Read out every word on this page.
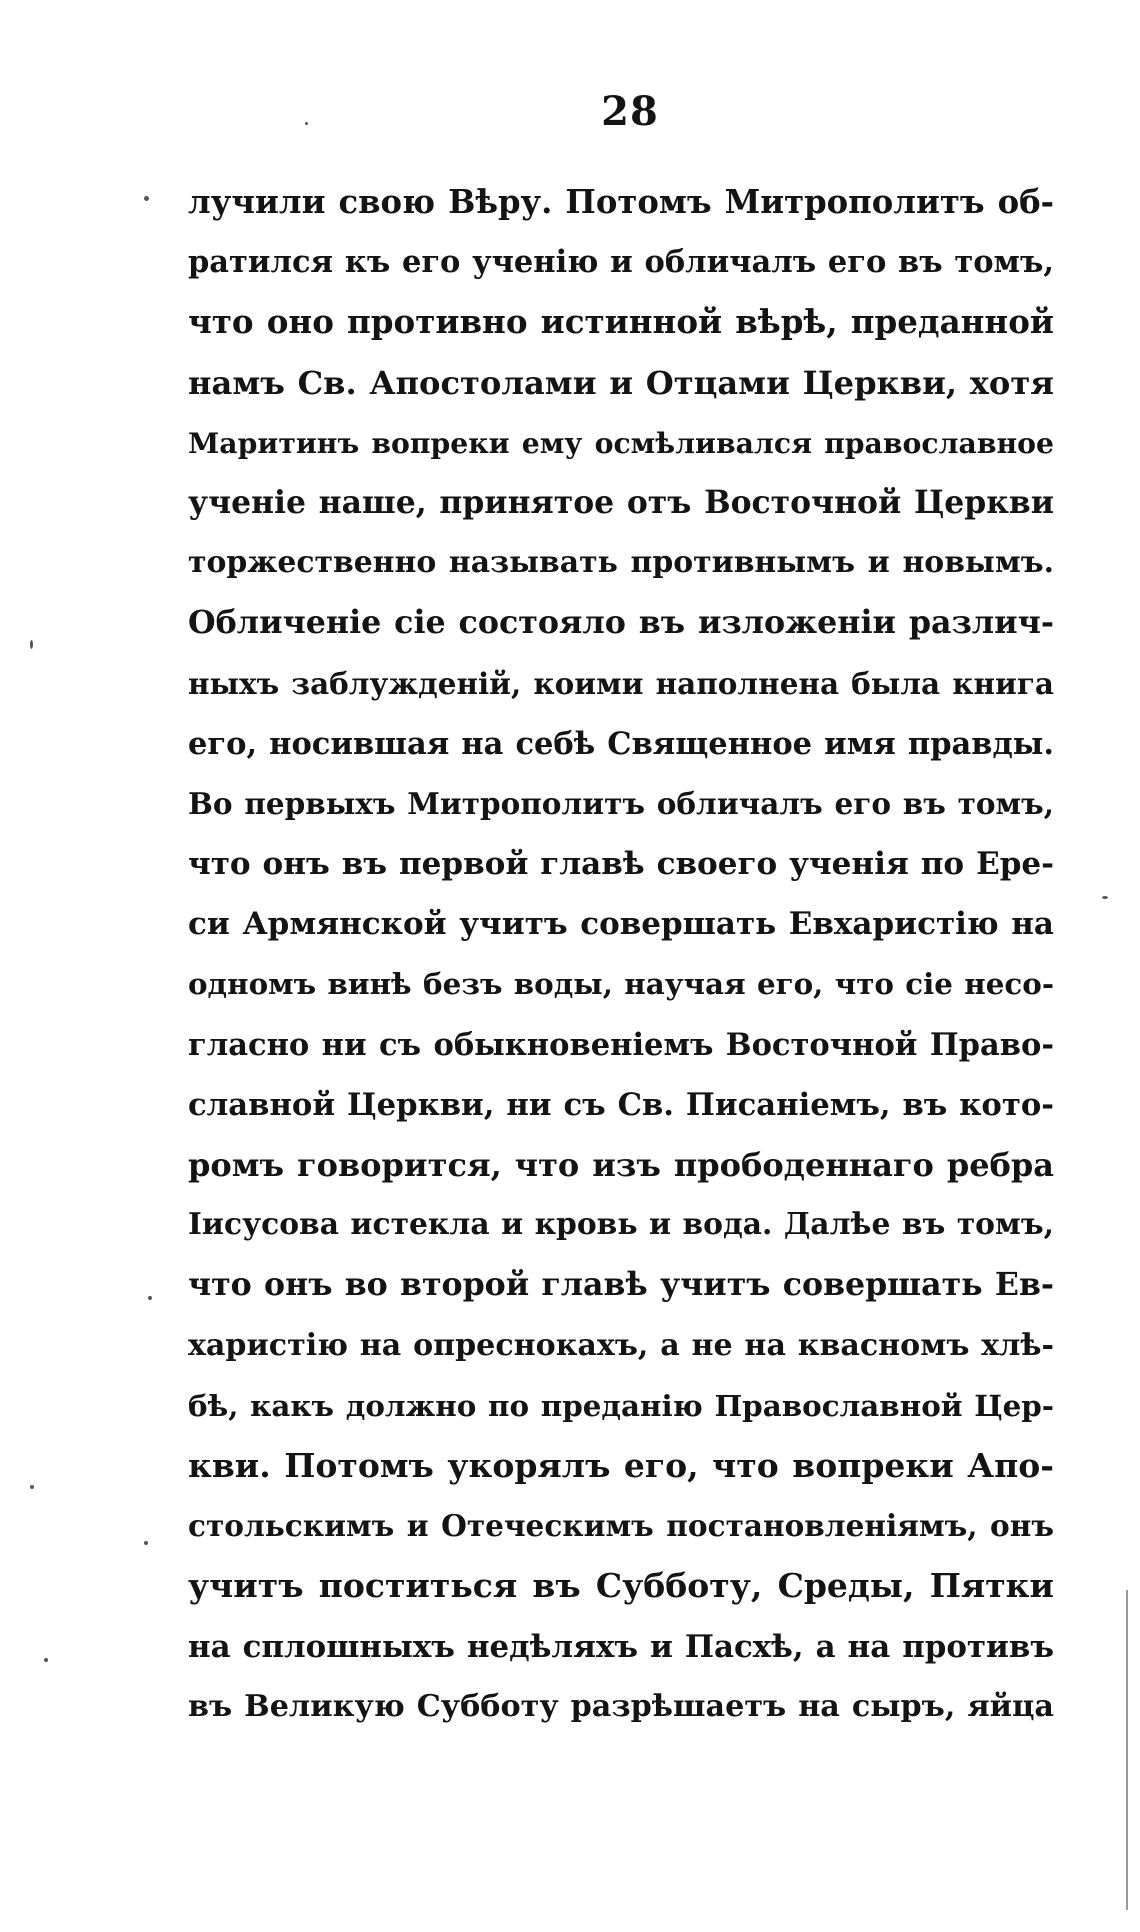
28
лучили свою Вѣру. Потомъ Митрополитъ об-
ратился къ его ученію и обличалъ его въ томъ,
что оно противно истинной вѣрѣ, преданной
намъ Св. Апостолами и Отцами Церкви, хотя
Маритинъ вопреки ему осмѣливался православное
ученіе наше, принятое отъ Восточной Церкви
торжественно называть противнымъ и новымъ.
Обличеніе сіе состояло въ изложеніи различ-
ныхъ заблужденій, коими наполнена была книга
его, носившая на себѣ Священное имя правды.
Во первыхъ Митрополитъ обличалъ его въ томъ,
что онъ въ первой главѣ своего ученія по Ере-
си Армянской учитъ совершать Евхаристію на
одномъ винѣ безъ воды, научая его, что сіе несо-
гласно ни съ обыкновеніемъ Восточной Право-
славной Церкви, ни съ Св. Писаніемъ, въ кото-
ромъ говорится, что изъ прободеннаго ребра
Іисусова истекла и кровь и вода. Далѣе въ томъ,
что онъ во второй главѣ учитъ совершать Ев-
харистію на опреснокахъ, а не на квасномъ хлѣ-
бѣ, какъ должно по преданію Православной Цер-
кви. Потомъ укорялъ его, что вопреки Апо-
стольскимъ и Отеческимъ постановленіямъ, онъ
учитъ поститься въ Субботу, Среды, Пятки
на сплошныхъ недѣляхъ и Пасхѣ, а на противъ
въ Великую Субботу разрѣшаетъ на сыръ, яйца
